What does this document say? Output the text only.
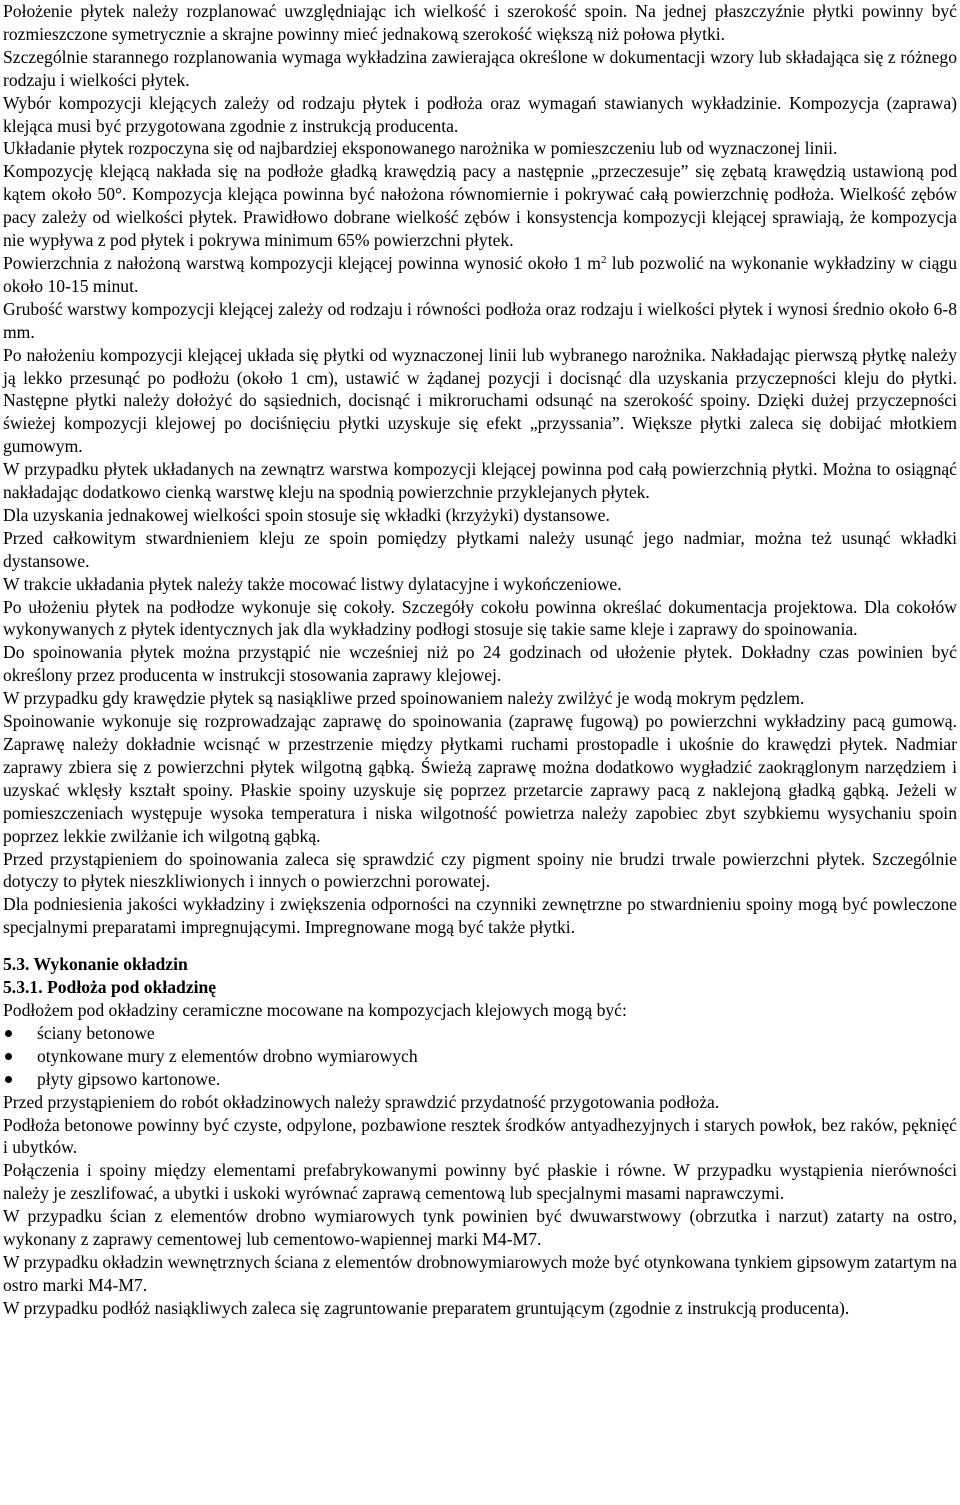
Położenie płytek należy rozplanować uwzględniając ich wielkość i szerokość spoin. Na jednej płaszczyźnie płytki powinny być rozmieszczone symetrycznie a skrajne powinny mieć jednakową szerokość większą niż połowa płytki.

Szczególnie starannego rozplanowania wymaga wykładzina zawierająca określone w dokumentacji wzory lub składająca się z różnego rodzaju i wielkości płytek.

Wybór kompozycji klejących zależy od rodzaju płytek i podłoża oraz wymagań stawianych wykładzinie. Kompozycja (zaprawa) klejąca musi być przygotowana zgodnie z instrukcją producenta.

Układanie płytek rozpoczyna się od najbardziej eksponowanego narożnika w pomieszczeniu lub od wyznaczonej linii.

Kompozycję klejącą nakłada się na podłoże gładką krawędzią pacy a następnie „przeczesuje” się zębatą krawędzią ustawioną pod kątem około 50°. Kompozycja klejąca powinna być nałożona równomiernie i pokrywać całą powierzchnię podłoża. Wielkość zębów pacy zależy od wielkości płytek. Prawidłowo dobrane wielkość zębów i konsystencja kompozycji klejącej sprawiają, że kompozycja nie wypływa z pod płytek i pokrywa minimum 65% powierzchni płytek.

Powierzchnia z nałożoną warstwą kompozycji klejącej powinna wynosić około 1 $m^2$ lub pozwolić na wykonanie wykładziny w ciągu około 10-15 minut.

Grubość warstwy kompozycji klejącej zależy od rodzaju i równości podłoża oraz rodzaju i wielkości płytek i wynosi średnio około 6-8 mm.

Po nałożeniu kompozycji klejącej układa się płytki od wyznaczonej linii lub wybranego narożnika. Nakładając pierwszą płytkę należy ją lekko przesunąć po podłożu (około 1 cm), ustawić w żądanej pozycji i docisnąć dla uzyskania przyczepności kleju do płytki. Następne płytki należy dołożyć do sąsiednich, docisnąć i mikroruchami odsunąć na szerokość spoiny. Dzięki dużej przyczepności świeżej kompozycji klejowej po dociśnięciu płytki uzyskuje się efekt „przyssania”. Większe płytki zaleca się dobijać młotkiem gumowym.

W przypadku płytek układanych na zewnątrz warstwa kompozycji klejącej powinna pod całą powierzchnią płytki. Można to osiągnąć nakładając dodatkowo cienką warstwę kleju na spodnią powierzchnie przyklejanych płytek.

Dla uzyskania jednakowej wielkości spoin stosuje się wkładki (krzyżyki) dystansowe.

Przed całkowitym stwardnieniem kleju ze spoin pomiędzy płytkami należy usunąć jego nadmiar, można też usunąć wkładki dystansowe.

W trakcie układania płytek należy także mocować listwy dylatacyjne i wykończeniowe.

Po ułożeniu płytek na podłodze wykonuje się cokoły. Szczegóły cokołu powinna określać dokumentacja projektowa. Dla cokołów wykonywanych z płytek identycznych jak dla wykładziny podłogi stosuje się takie same kleje i zaprawy do spoinowania.

Do spoinowania płytek można przystąpić nie wcześniej niż po 24 godzinach od ułożenie płytek. Dokładny czas powinien być określony przez producenta w instrukcji stosowania zaprawy klejowej.

W przypadku gdy krawędzie płytek są nasiąkliwe przed spoinowaniem należy zwilżyć je wodą mokrym pędzlem.

Spoinowanie wykonuje się rozprowadzając zaprawę do spoinowania (zaprawę fugową) po powierzchni wykładziny pacą gumową. Zaprawę należy dokładnie wcisnąć w przestrzenie między płytkami ruchami prostopadle i ukośnie do krawędzi płytek. Nadmiar zaprawy zbiera się z powierzchni płytek wilgotną gąbką. Świeżą zaprawę można dodatkowo wygładzić zaokrąglonym narzędziem i uzyskać wklęsły kształt spoiny. Płaskie spoiny uzyskuje się poprzez przetarcie zaprawy pacą z naklejoną gładką gąbką. Jeżeli w pomieszczeniach występuje wysoka temperatura i niska wilgotność powietrza należy zapobiec zbyt szybkiemu wysychaniu spoin poprzez lekkie zwilżanie ich wilgotną gąbką.

Przed przystąpieniem do spoinowania zaleca się sprawdzić czy pigment spoiny nie brudzi trwale powierzchni płytek. Szczególnie dotyczy to płytek nieszkliwionych i innych o powierzchni porowatej.

Dla podniesienia jakości wykładziny i zwiększenia odporności na czynniki zewnętrzne po stwardnieniu spoiny mogą być powleczone specjalnymi preparatami impregnującymi. Impregnowane mogą być także płytki.

5.3. Wykonanie okładzin
5.3.1. Podłoża pod okładzinę

Podłożem pod okładziny ceramiczne mocowane na kompozycjach klejowych mogą być:

ściany betonowe
otynkowane mury z elementów drobno wymiarowych
płyty gipsowo kartonowe.

Przed przystąpieniem do robót okładzinowych należy sprawdzić przydatność przygotowania podłoża.

Podłoża betonowe powinny być czyste, odpylone, pozbawione resztek środków antyadhezyjnych i starych powłok, bez raków, pęknięć i ubytków.

Połączenia i spoiny między elementami prefabrykowanymi powinny być płaskie i równe. W przypadku wystąpienia nierówności należy je zeszlifować, a ubytki i uskoki wyrównać zaprawą cementową lub specjalnymi masami naprawczymi.

W przypadku ścian z elementów drobno wymiarowych tynk powinien być dwuwarstwowy (obrzutka i narzut) zatarty na ostro, wykonany z zaprawy cementowej lub cementowo-wapiennej marki M4-M7.

W przypadku okładzin wewnętrznych ściana z elementów drobnowymiarowych może być otynkowana tynkiem gipsowym zatartym na ostro marki M4-M7.

W przypadku podłóż nasiąkliwych zaleca się zagruntowanie preparatem gruntującym (zgodnie z instrukcją producenta).
